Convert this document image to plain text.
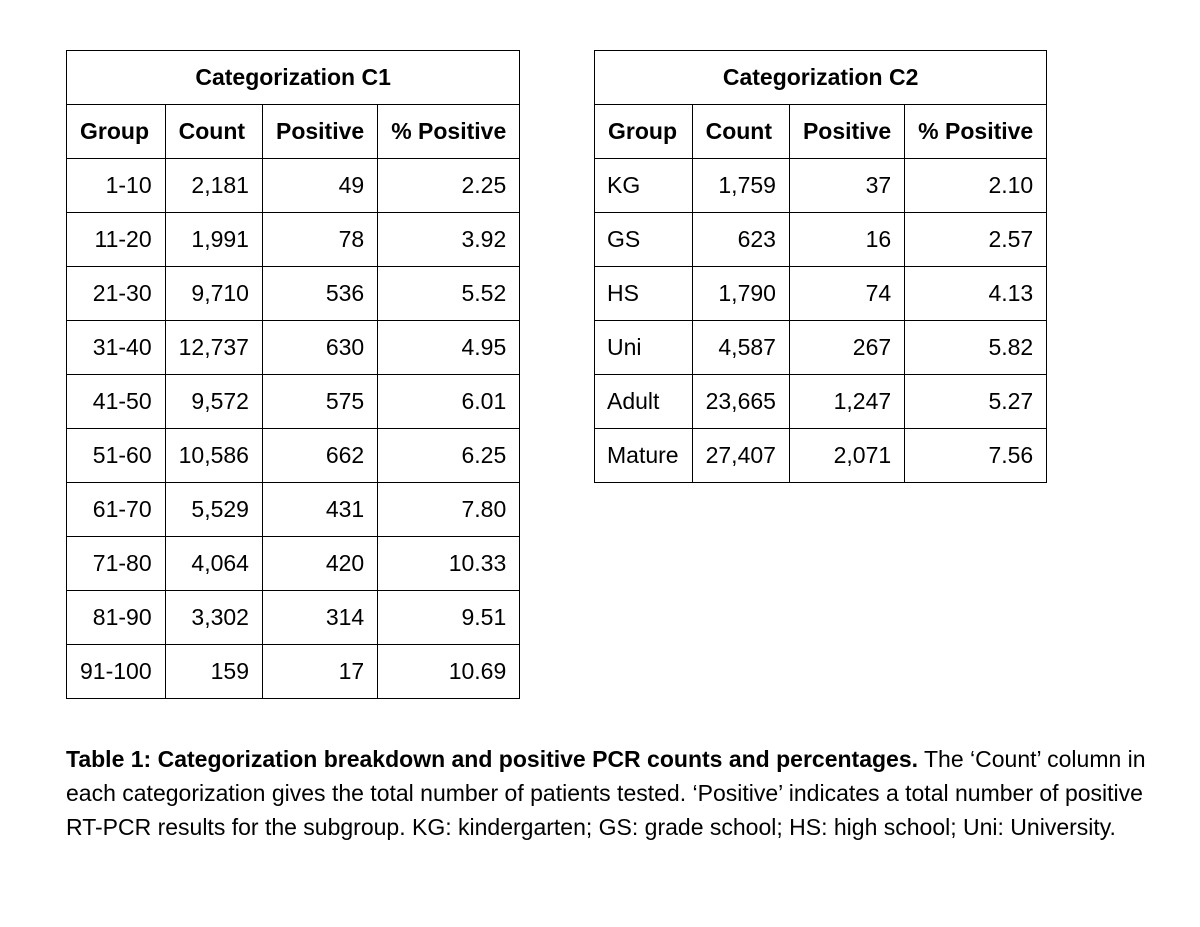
Categorization C1			
Group	Count	Positive	% Positive
1-10	2,181	49	2.25
11-20	1,991	78	3.92
21-30	9,710	536	5.52
31-40	12,737	630	4.95
41-50	9,572	575	6.01
51-60	10,586	662	6.25
61-70	5,529	431	7.80
71-80	4,064	420	10.33
81-90	3,302	314	9.51
91-100	159	17	10.69
Categorization C2			
Group	Count	Positive	% Positive
KG	1,759	37	2.10
GS	623	16	2.57
HS	1,790	74	4.13
Uni	4,587	267	5.82
Adult	23,665	1,247	5.27
Mature	27,407	2,071	7.56

Table 1: Categorization breakdown and positive PCR counts and percentages. The ‘Count’ column in each categorization gives the total number of patients tested. ‘Positive’ indicates a total number of positive RT-PCR results for the subgroup. KG: kindergarten; GS: grade school; HS: high school; Uni: University.
